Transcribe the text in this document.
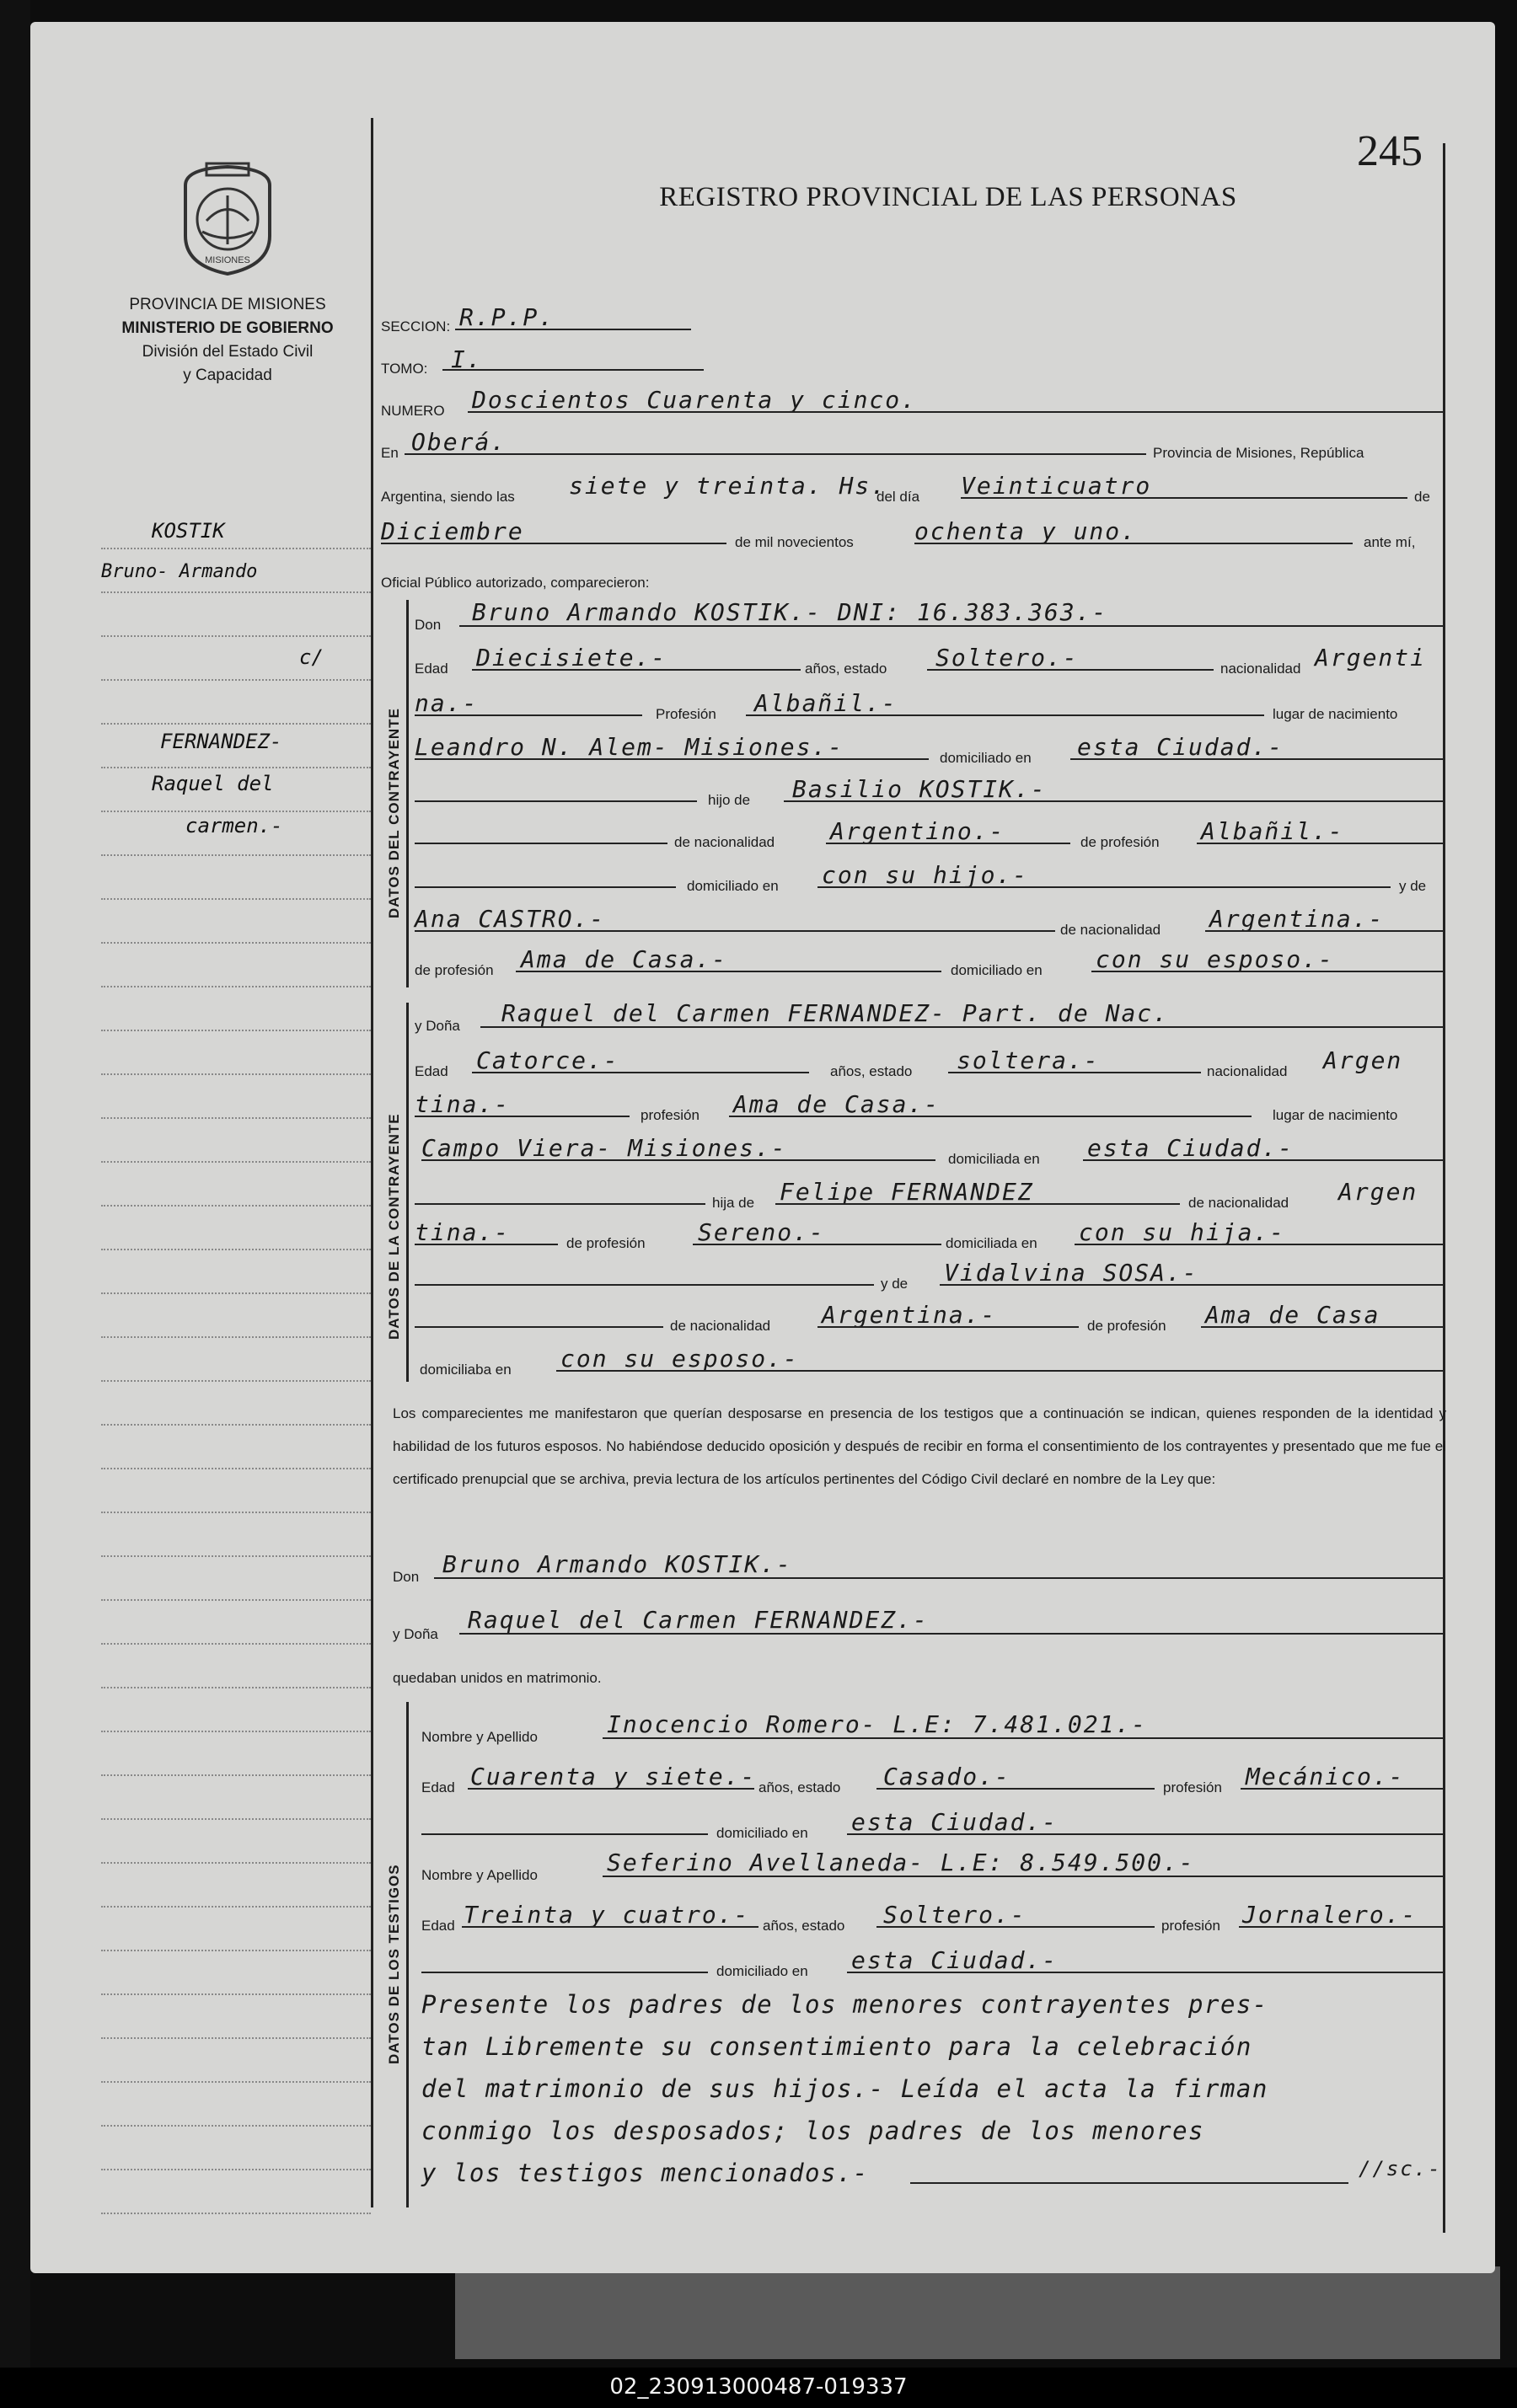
245
MISIONES
PROVINCIA DE MISIONES
MINISTERIO DE GOBIERNO
División del Estado Civil
y Capacidad
REGISTRO PROVINCIAL DE LAS PERSONAS
KOSTIK
Bruno- Armando
c/
FERNANDEZ-
Raquel del
carmen.-
SECCION: R.P.P.
TOMO: I.
NUMERO Doscientos Cuarenta y cinco.
En Oberá.	Provincia de Misiones, República
Argentina, siendo las siete y treinta. Hs.
del día Veinticuatro	de
Diciembre	de mil novecientos	ochenta y uno.	ante mí,
Oficial Público autorizado, comparecieron:
DATOS DEL CONTRAYENTE
Don Bruno Armando KOSTIK.- DNI: 16.383.363.-
Edad Diecisiete.-	años, estado Soltero.-	nacionalidad Argenti
na.-	Profesión Albañil.-	lugar de nacimiento
Leandro N. Alem- Misiones.-	domiciliado en esta Ciudad.-
hijo de Basilio KOSTIK.-
de nacionalidad Argentino.-	de profesión Albañil.-
domiciliado en con su hijo.-	y de
Ana CASTRO.-	de nacionalidad Argentina.-
de profesión Ama de Casa.-	domiciliado en con su esposo.-
DATOS DE LA CONTRAYENTE
y Doña Raquel del Carmen FERNANDEZ- Part. de Nac.
Edad Catorce.-	años, estado soltera.-	nacionalidad Argen
tina.-	profesión Ama de Casa.-	lugar de nacimiento
Campo Viera- Misiones.-	domiciliada en esta Ciudad.-
hija de Felipe FERNANDEZ	de nacionalidad Argen
tina.-	de profesión Sereno.-	domiciliada en con su hija.-
y de Vidalvina SOSA.-
de nacionalidad Argentina.-	de profesión Ama de Casa
domiciliaba en con su esposo.-
Los comparecientes me manifestaron que querían desposarse en presencia de los testigos que a continuación se indican, quienes responden de la identidad y habilidad de los futuros esposos. No habiéndose deducido oposición y después de recibir en forma el consentimiento de los contrayentes y presentado que me fue el certificado prenupcial que se archiva, previa lectura de los artículos pertinentes del Código Civil declaré en nombre de la Ley que:
Don Bruno Armando KOSTIK.-
y Doña
Raquel del Carmen FERNANDEZ.-
quedaban unidos en matrimonio.
DATOS DE LOS TESTIGOS
Nombre y Apellido	Inocencio Romero- L.E: 7.481.021.-
Edad Cuarenta y siete.- años, estado Casado.-	profesión Mecánico.-
domiciliado en esta Ciudad.-
Nombre y Apellido	Seferino Avellaneda- L.E: 8.549.500.-
Edad Treinta y cuatro.- años, estado Soltero.-	profesión Jornalero.-
domiciliado en esta Ciudad.-
Presente los padres de los menores contrayentes pres-
tan Libremente su consentimiento para la celebración
del matrimonio de sus hijos.- Leída el acta la firman
conmigo los desposados; los padres de los menores
y los testigos mencionados.-	//sc.-
02_230913000487-019337
